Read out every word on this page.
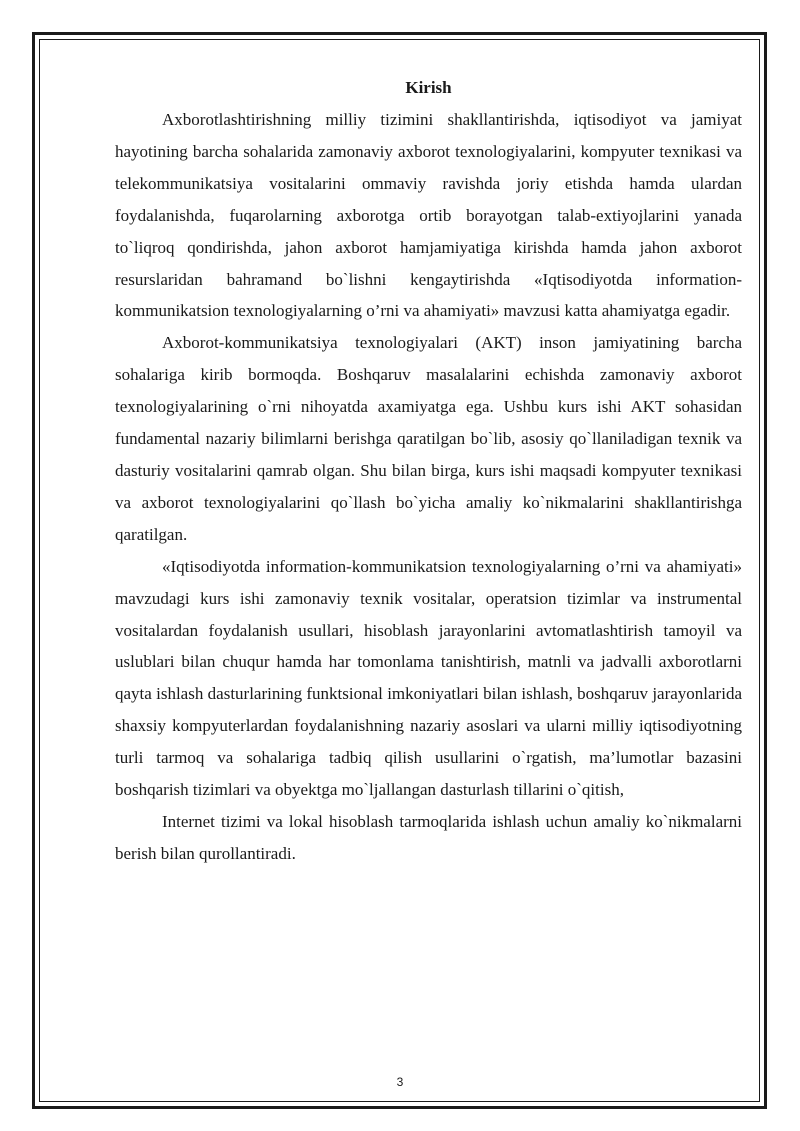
Kirish

Axborotlashtirishning milliy tizimini shakllantirishda, iqtisodiyot va jamiyat hayotining barcha sohalarida zamonaviy axborot texnologiyalarini, kompyuter texnikasi va telekommunikatsiya vositalarini ommaviy ravishda joriy etishda hamda ulardan foydalanishda, fuqarolarning axborotga ortib borayotgan talab-extiyojlarini yanada to`liqroq qondirishda, jahon axborot hamjamiyatiga kirishda hamda jahon axborot resurslaridan bahramand bo`lishni kengaytirishda «Iqtisodiyotda information-kommunikatsion texnologiyalarning o’rni va ahamiyati» mavzusi katta ahamiyatga egadir.

Axborot-kommunikatsiya texnologiyalari (AKT) inson jamiyatining barcha sohalariga kirib bormoqda. Boshqaruv masalalarini echishda zamonaviy axborot texnologiyalarining o`rni nihoyatda axamiyatga ega. Ushbu kurs ishi AKT sohasidan fundamental nazariy bilimlarni berishga qaratilgan bo`lib, asosiy qo`llaniladigan texnik va dasturiy vositalarini qamrab olgan. Shu bilan birga, kurs ishi maqsadi kompyuter texnikasi va axborot texnologiyalarini qo`llash bo`yicha amaliy ko`nikmalarini shakllantirishga qaratilgan.

«Iqtisodiyotda information-kommunikatsion texnologiyalarning o’rni va ahamiyati» mavzudagi kurs ishi zamonaviy texnik vositalar, operatsion tizimlar va instrumental vositalardan foydalanish usullari, hisoblash jarayonlarini avtomatlashtirish tamoyil va uslublari bilan chuqur hamda har tomonlama tanishtirish, matnli va jadvalli axborotlarni qayta ishlash dasturlarining funktsional imkoniyatlari bilan ishlash, boshqaruv jarayonlarida shaxsiy kompyuterlardan foydalanishning nazariy asoslari va ularni milliy iqtisodiyotning turli tarmoq va sohalariga tadbiq qilish usullarini o`rgatish, ma’lumotlar bazasini boshqarish tizimlari va obyektga mo`ljallangan dasturlash tillarini o`qitish,

Internet tizimi va lokal hisoblash tarmoqlarida ishlash uchun amaliy ko`nikmalarni berish bilan qurollantiradi.

3
